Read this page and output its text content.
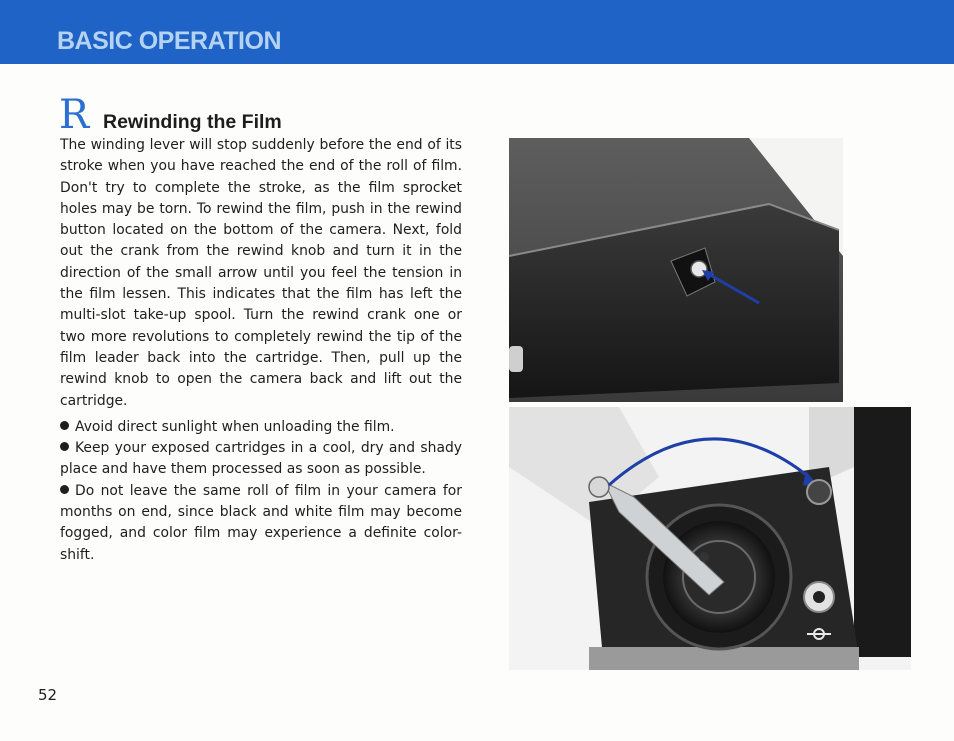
BASIC OPERATION
R Rewinding the Film

The winding lever will stop suddenly before the end of its stroke when you have reached the end of the roll of film. Don't try to complete the stroke, as the film sprocket holes may be torn. To rewind the film, push in the rewind button located on the bottom of the camera. Next, fold out the crank from the rewind knob and turn it in the direction of the small arrow until you feel the tension in the film lessen. This indicates that the film has left the multi-slot take-up spool. Turn the rewind crank one or two more revolutions to completely rewind the tip of the film leader back into the cartridge. Then, pull up the rewind knob to open the camera back and lift out the cartridge.

Avoid direct sunlight when unloading the film.

Keep your exposed cartridges in a cool, dry and shady place and have them processed as soon as possible.

Do not leave the same roll of film in your camera for months on end, since black and white film may become fogged, and color film may experience a definite color-shift.

52
